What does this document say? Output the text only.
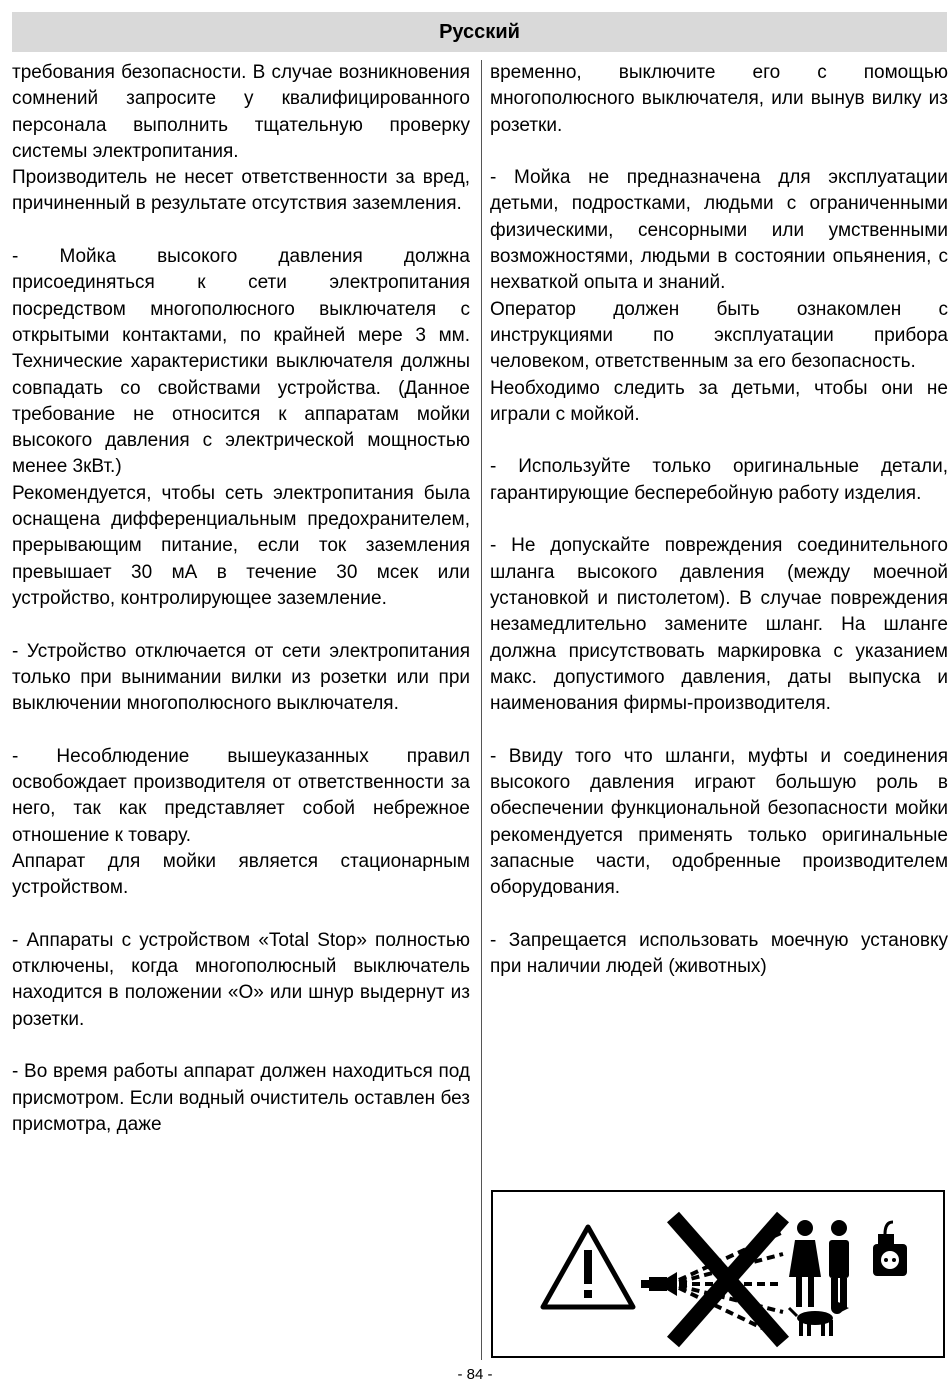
Русский

требования безопасности. В случае возникновения сомнений запросите у квалифицированного персонала выполнить тщательную проверку системы электропитания.

Производитель не несет ответственности за вред, причиненный в результате отсутствия заземления.

- Мойка высокого давления должна присоединяться к сети электропитания посредством многополюсного выключателя с открытыми контактами, по крайней мере 3 мм. Технические характеристики выключателя должны совпадать со свойствами устройства. (Данное требование не относится к аппаратам мойки высокого давления с электрической мощностью менее 3кВт.)

Рекомендуется, чтобы сеть электропитания была оснащена дифференциальным предохранителем, прерывающим питание, если ток заземления превышает 30 мА в течение 30 мсек или устройство, контролирующее заземление.

- Устройство отключается от сети электропитания только при вынимании вилки из розетки или при выключении многополюсного выключателя.

- Несоблюдение вышеуказанных правил освобождает производителя от ответственности за него, так как представляет собой небрежное отношение к товару.

Аппарат для мойки является стационарным устройством.

- Аппараты с устройством «Total Stop» полностью отключены, когда многополюсный выключатель находится в положении «О» или шнур выдернут из розетки.

- Во время работы аппарат должен находиться под присмотром. Если водный очиститель оставлен без присмотра, даже

временно, выключите его с помощью многополюсного выключателя, или вынув вилку из розетки.

- Мойка не предназначена для эксплуатации детьми, подростками, людьми с ограниченными физическими, сенсорными или умственными возможностями, людьми в состоянии опьянения, с нехваткой опыта и знаний.

Оператор должен быть ознакомлен с инструкциями по эксплуатации прибора человеком, ответственным за его безопасность.

Необходимо следить за детьми, чтобы они не играли с мойкой.

- Используйте только оригинальные детали, гарантирующие бесперебойную работу изделия.

- Не допускайте повреждения соединительного шланга высокого давления (между моечной установкой и пистолетом). В случае повреждения незамедлительно замените шланг. На шланге должна присутствовать маркировка с указанием макс. допустимого давления, даты выпуска и наименования фирмы-производителя.

- Ввиду того что шланги, муфты и соединения высокого давления играют большую роль в обеспечении функциональной безопасности мойки рекомендуется применять только оригинальные запасные части, одобренные производителем оборудования.

- Запрещается использовать моечную установку при наличии людей (животных)

- 84 -
